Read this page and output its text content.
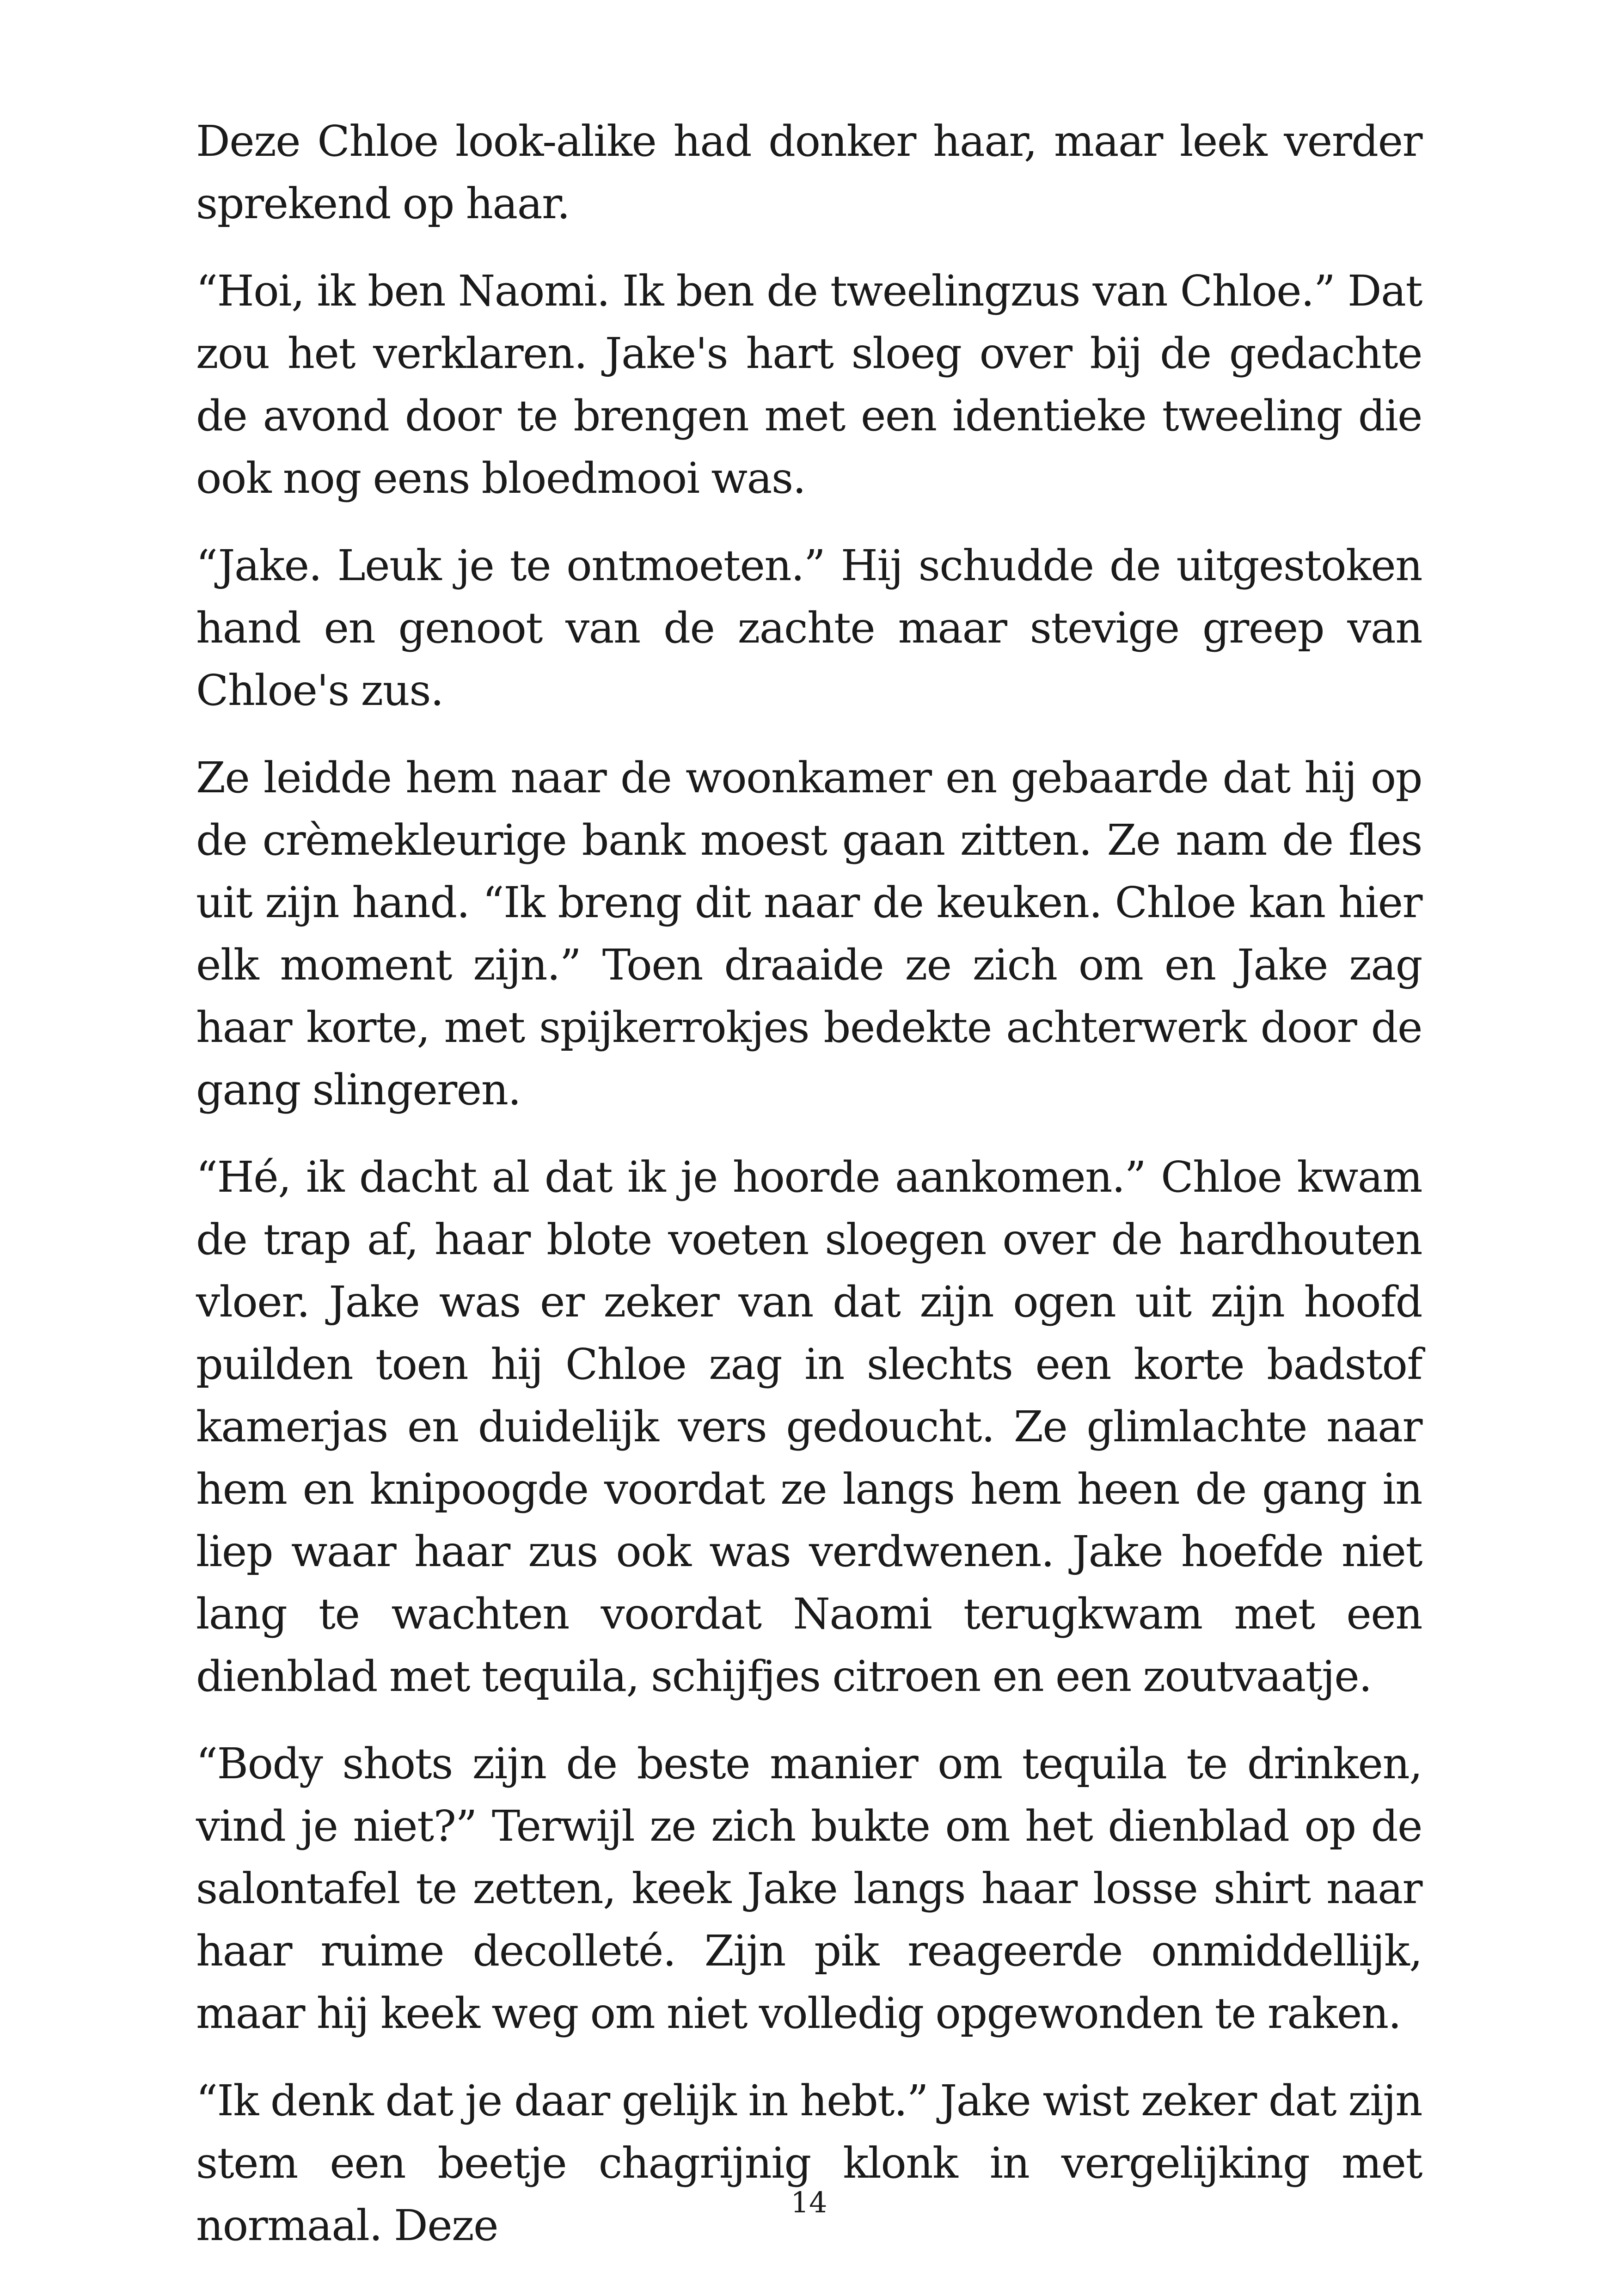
Deze Chloe look-alike had donker haar, maar leek verder sprekend op haar.

“Hoi, ik ben Naomi. Ik ben de tweelingzus van Chloe.” Dat zou het verklaren. Jake's hart sloeg over bij de gedachte de avond door te brengen met een identieke tweeling die ook nog eens bloedmooi was.

“Jake. Leuk je te ontmoeten.” Hij schudde de uitgestoken hand en genoot van de zachte maar stevige greep van Chloe's zus.

Ze leidde hem naar de woonkamer en gebaarde dat hij op de crèmekleurige bank moest gaan zitten. Ze nam de fles uit zijn hand. “Ik breng dit naar de keuken. Chloe kan hier elk moment zijn.” Toen draaide ze zich om en Jake zag haar korte, met spijkerrokjes bedekte achterwerk door de gang slingeren.

“Hé, ik dacht al dat ik je hoorde aankomen.” Chloe kwam de trap af, haar blote voeten sloegen over de hardhouten vloer. Jake was er zeker van dat zijn ogen uit zijn hoofd puilden toen hij Chloe zag in slechts een korte badstof kamerjas en duidelijk vers gedoucht. Ze glimlachte naar hem en knipoogde voordat ze langs hem heen de gang in liep waar haar zus ook was verdwenen. Jake hoefde niet lang te wachten voordat Naomi terugkwam met een dienblad met tequila, schijfjes citroen en een zoutvaatje.

“Body shots zijn de beste manier om tequila te drinken, vind je niet?” Terwijl ze zich bukte om het dienblad op de salontafel te zetten, keek Jake langs haar losse shirt naar haar ruime decolleté. Zijn pik reageerde onmiddellijk, maar hij keek weg om niet volledig opgewonden te raken.

“Ik denk dat je daar gelijk in hebt.” Jake wist zeker dat zijn stem een beetje chagrijnig klonk in vergelijking met normaal. Deze	14
